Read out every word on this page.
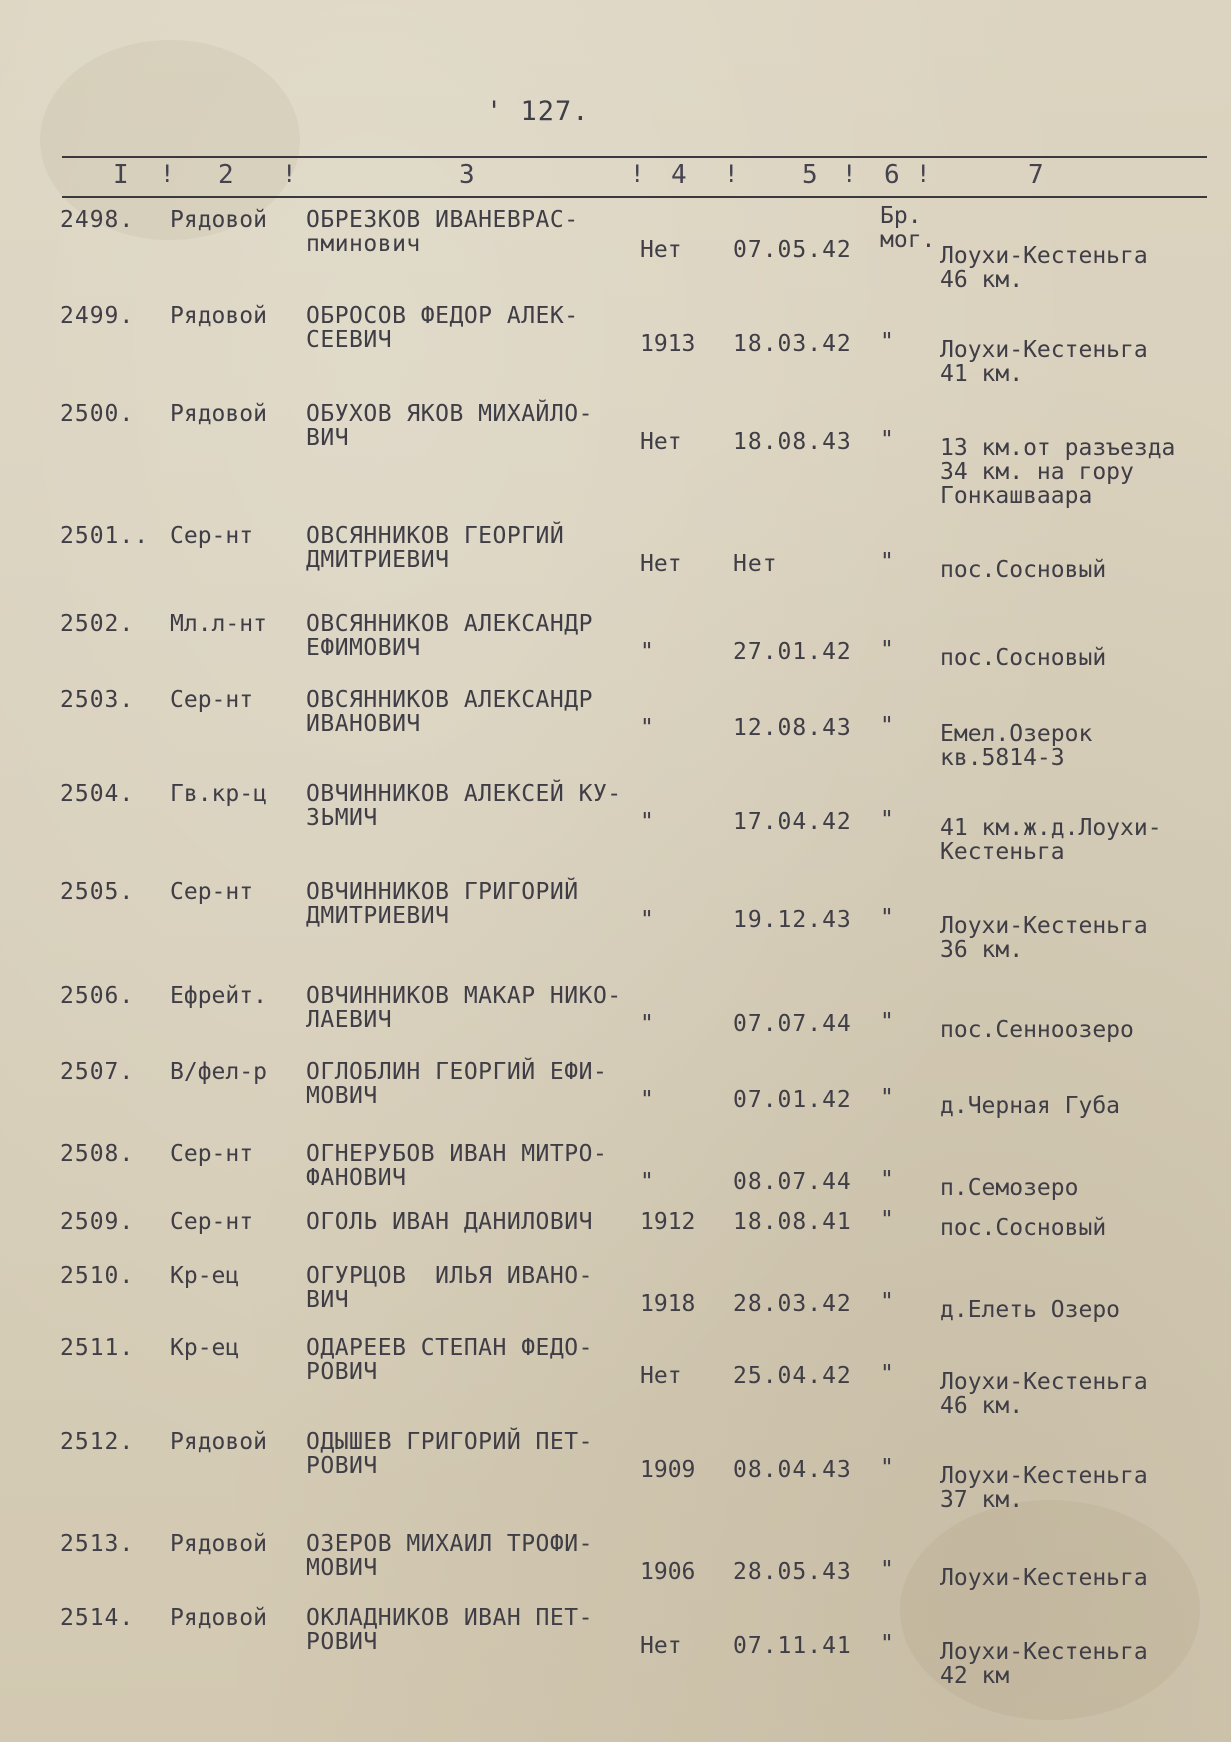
' 127.
I ! 2 !	3	! 4 ! 5 ! 6 !	7
2498. Рядовой ОБРЕЗКОВ ИВАНЕВРАС-
пминович	Нет 07.05.42
Бр.
мог.
Лоухи-Кестеньга
46 км.
2499. Рядовой ОБРОСОВ ФЕДОР АЛЕК-
СЕЕВИЧ	1913 18.03.42 " Лоухи-Кестеньга
41 км.
2500. Рядовой ОБУХОВ ЯКОВ МИХАЙЛО-
ВИЧ	Нет 18.08.43 " 13 км.от разъезда
34 км. на гору
Гонкашваара
2501.. Сер-нт ОВСЯННИКОВ ГЕОРГИЙ
ДМИТРИЕВИЧ	Нет Нет	" пос.Сосновый
2502. Мл.л-нт ОВСЯННИКОВ АЛЕКСАНДР
ЕФИМОВИЧ	"	27.01.42 " пос.Сосновый
2503. Сер-нт ОВСЯННИКОВ АЛЕКСАНДР
ИВАНОВИЧ	"	12.08.43 " Емел.Озерок
кв.5814-3
2504. Гв.кр-ц ОВЧИННИКОВ АЛЕКСЕЙ КУ-
ЗЬМИЧ	"	17.04.42 " 41 км.ж.д.Лоухи-
Кестеньга
2505. Сер-нт ОВЧИННИКОВ ГРИГОРИЙ
ДМИТРИЕВИЧ	"	19.12.43 " Лоухи-Кестеньга
36 км.
2506. Ефрейт. ОВЧИННИКОВ МАКАР НИКО-
ЛАЕВИЧ	"	07.07.44 " пос.Сенноозеро
2507. В/фел-р ОГЛОБЛИН ГЕОРГИЙ ЕФИ-
МОВИЧ	"	07.01.42 " д.Черная Губа
2508. Сер-нт ОГНЕРУБОВ ИВАН МИТРО-
ФАНОВИЧ	"	08.07.44 " п.Семозеро
2509. Сер-нт ОГОЛЬ ИВАН ДАНИЛОВИЧ 1912 18.08.41 " пос.Сосновый
2510. Кр-ец	ОГУРЦОВ  ИЛЬЯ ИВАНО-
ВИЧ	1918 28.03.42 " д.Елеть Озеро
2511. Кр-ец	ОДАРЕЕВ СТЕПАН ФЕДО-
РОВИЧ	Нет 25.04.42 " Лоухи-Кестеньга
46 км.
2512. Рядовой ОДЫШЕВ ГРИГОРИЙ ПЕТ-
РОВИЧ	1909 08.04.43 " Лоухи-Кестеньга
37 км.
2513. Рядовой ОЗЕРОВ МИХАИЛ ТРОФИ-
МОВИЧ	1906 28.05.43 " Лоухи-Кестеньга
2514. Рядовой ОКЛАДНИКОВ ИВАН ПЕТ-
РОВИЧ	Нет 07.11.41 " Лоухи-Кестеньга
42 км
